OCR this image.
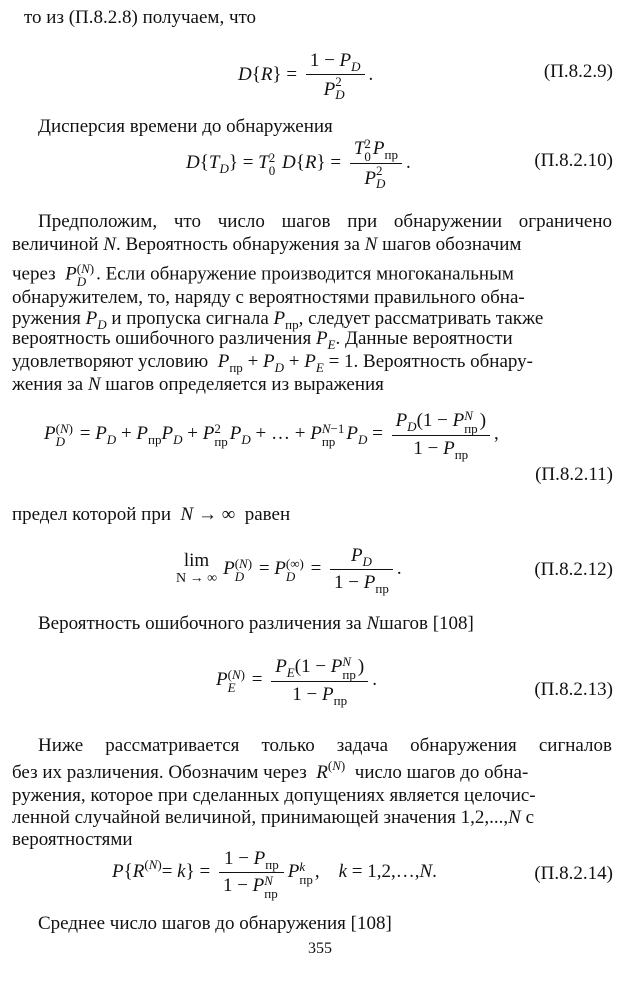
то из (П.8.2.8) получаем, что
$D\{R\} = 1 - P_D$
P 2
D .	(П.8.2.9)
Дисперсия времени до обнаружения
$D\{T_D\} = T$ 2
0 D{R} = T 2
0 $P_{пр}$
P 2
D .	(П.8.2.10)
Предположим, что число шагов при обнаружении ограничено
величиной N. Вероятность обнаружения за N шагов обозначим
через P (N)
D . Если обнаружение производится многоканальным
обнаружителем, то, наряду с вероятностями правильного обна-
ружения $P_D$ и пропуска сигнала $P_{пр}$, следует рассматривать также
вероятность ошибочного различения $P_E$. Данные вероятности
удовлетворяют условию $P_{пр} + P_D + P_E = 1$. Вероятность обнару-
жения за N шагов определяется из выражения
P (N)
$D = P_D + P_{пр}P_D + P$ 2
пр $P_D$ + … + P N−1
пр $P_D = P_D(1 - P$ N
пр )
$1 - P_{пр}$ ,
(П.8.2.11)
предел которой при N → ∞  равен
lim
N → ∞ P (N)
D = P (∞)
$D = \frac{P_D}{1 - P_{пр}}$ .	(П.8.2.12)
Вероятность ошибочного различения за Nшагов [108]
P (N)
$E = P_E(1 - P$ N
пр )
$1 - P_{пр}$ .	(П.8.2.13)
Ниже рассматривается только задача обнаружения сигналов
без их различения. Обозначим через $R^{(N)}$ число шагов до обна-
ружения, которое при сделанных допущениях является целочис-
ленной случайной величиной, принимающей значения 1,2,...,N с
вероятностями
$P\{R^{(N)}= k\} = 1 - P_{пр}$
1 − P N
пр P k
пр ,    k = 1,2,…,N.	(П.8.2.14)
Среднее число шагов до обнаружения [108]
355
